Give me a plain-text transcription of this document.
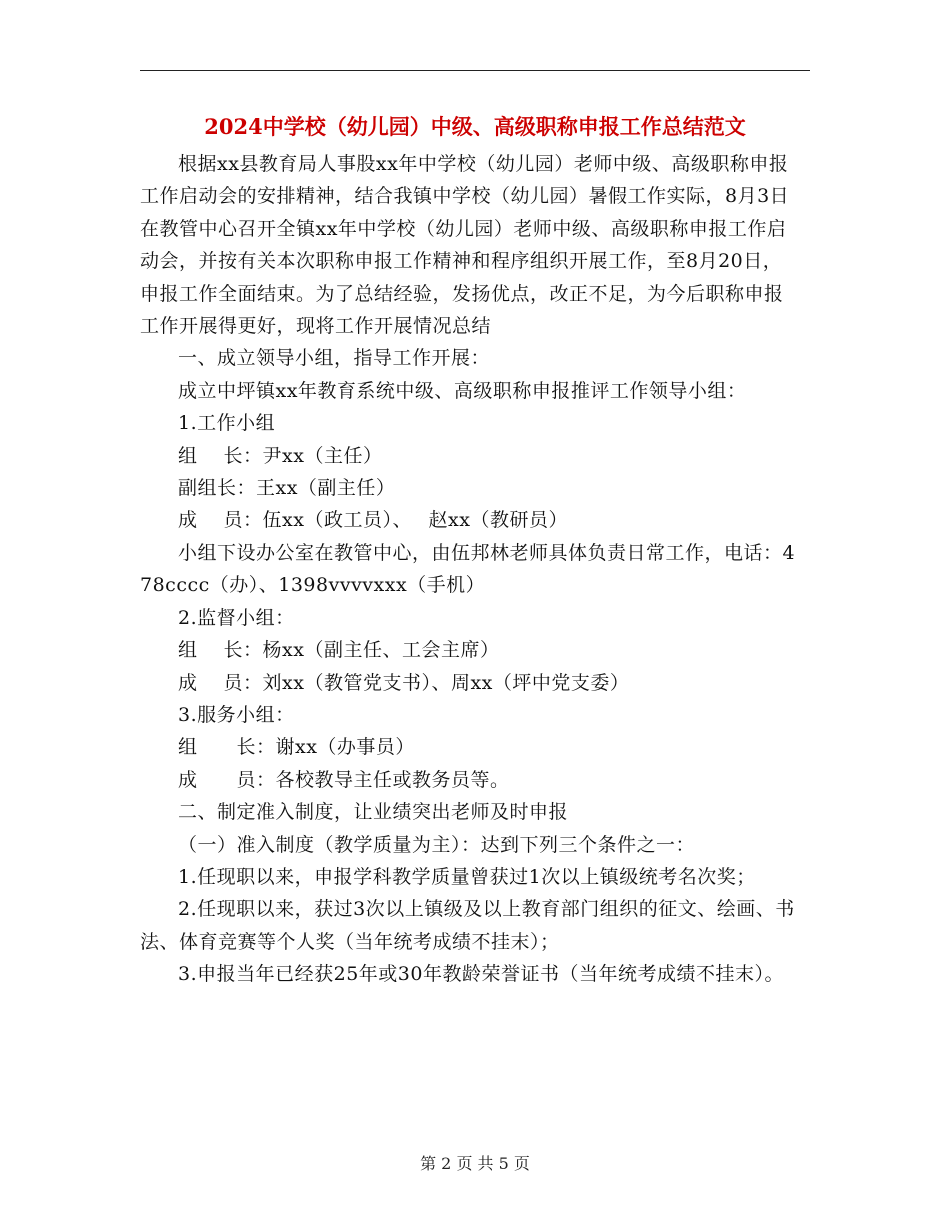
2024中学校（幼儿园）中级、高级职称申报工作总结范文

根据xx县教育局人事股xx年中学校（幼儿园）老师中级、高级职称申报工作启动会的安排精神，结合我镇中学校（幼儿园）暑假工作实际，8月3日在教管中心召开全镇xx年中学校（幼儿园）老师中级、高级职称申报工作启动会，并按有关本次职称申报工作精神和程序组织开展工作，至8月20日，申报工作全面结束。为了总结经验，发扬优点，改正不足，为今后职称申报工作开展得更好，现将工作开展情况总结

一、成立领导小组，指导工作开展：

成立中坪镇xx年教育系统中级、高级职称申报推评工作领导小组：

1.工作小组

组　 长：尹xx（主任）

副组长：王xx（副主任）

成　 员：伍xx（政工员）、　 赵xx（教研员）

小组下设办公室在教管中心，由伍邦林老师具体负责日常工作，电话：478cccc（办）、1398vvvvxxx（手机）

2.监督小组：

组　 长：杨xx（副主任、工会主席）

成　 员：刘xx（教管党支书）、周xx（坪中党支委）

3.服务小组：

组　　长：谢xx（办事员）

成　　员：各校教导主任或教务员等。

二、制定准入制度，让业绩突出老师及时申报

（一）准入制度（教学质量为主）：达到下列三个条件之一：

1.任现职以来，申报学科教学质量曾获过1次以上镇级统考名次奖；

2.任现职以来，获过3次以上镇级及以上教育部门组织的征文、绘画、书法、体育竞赛等个人奖（当年统考成绩不挂末）；

3.申报当年已经获25年或30年教龄荣誉证书（当年统考成绩不挂末）。

第 2 页 共 5 页
